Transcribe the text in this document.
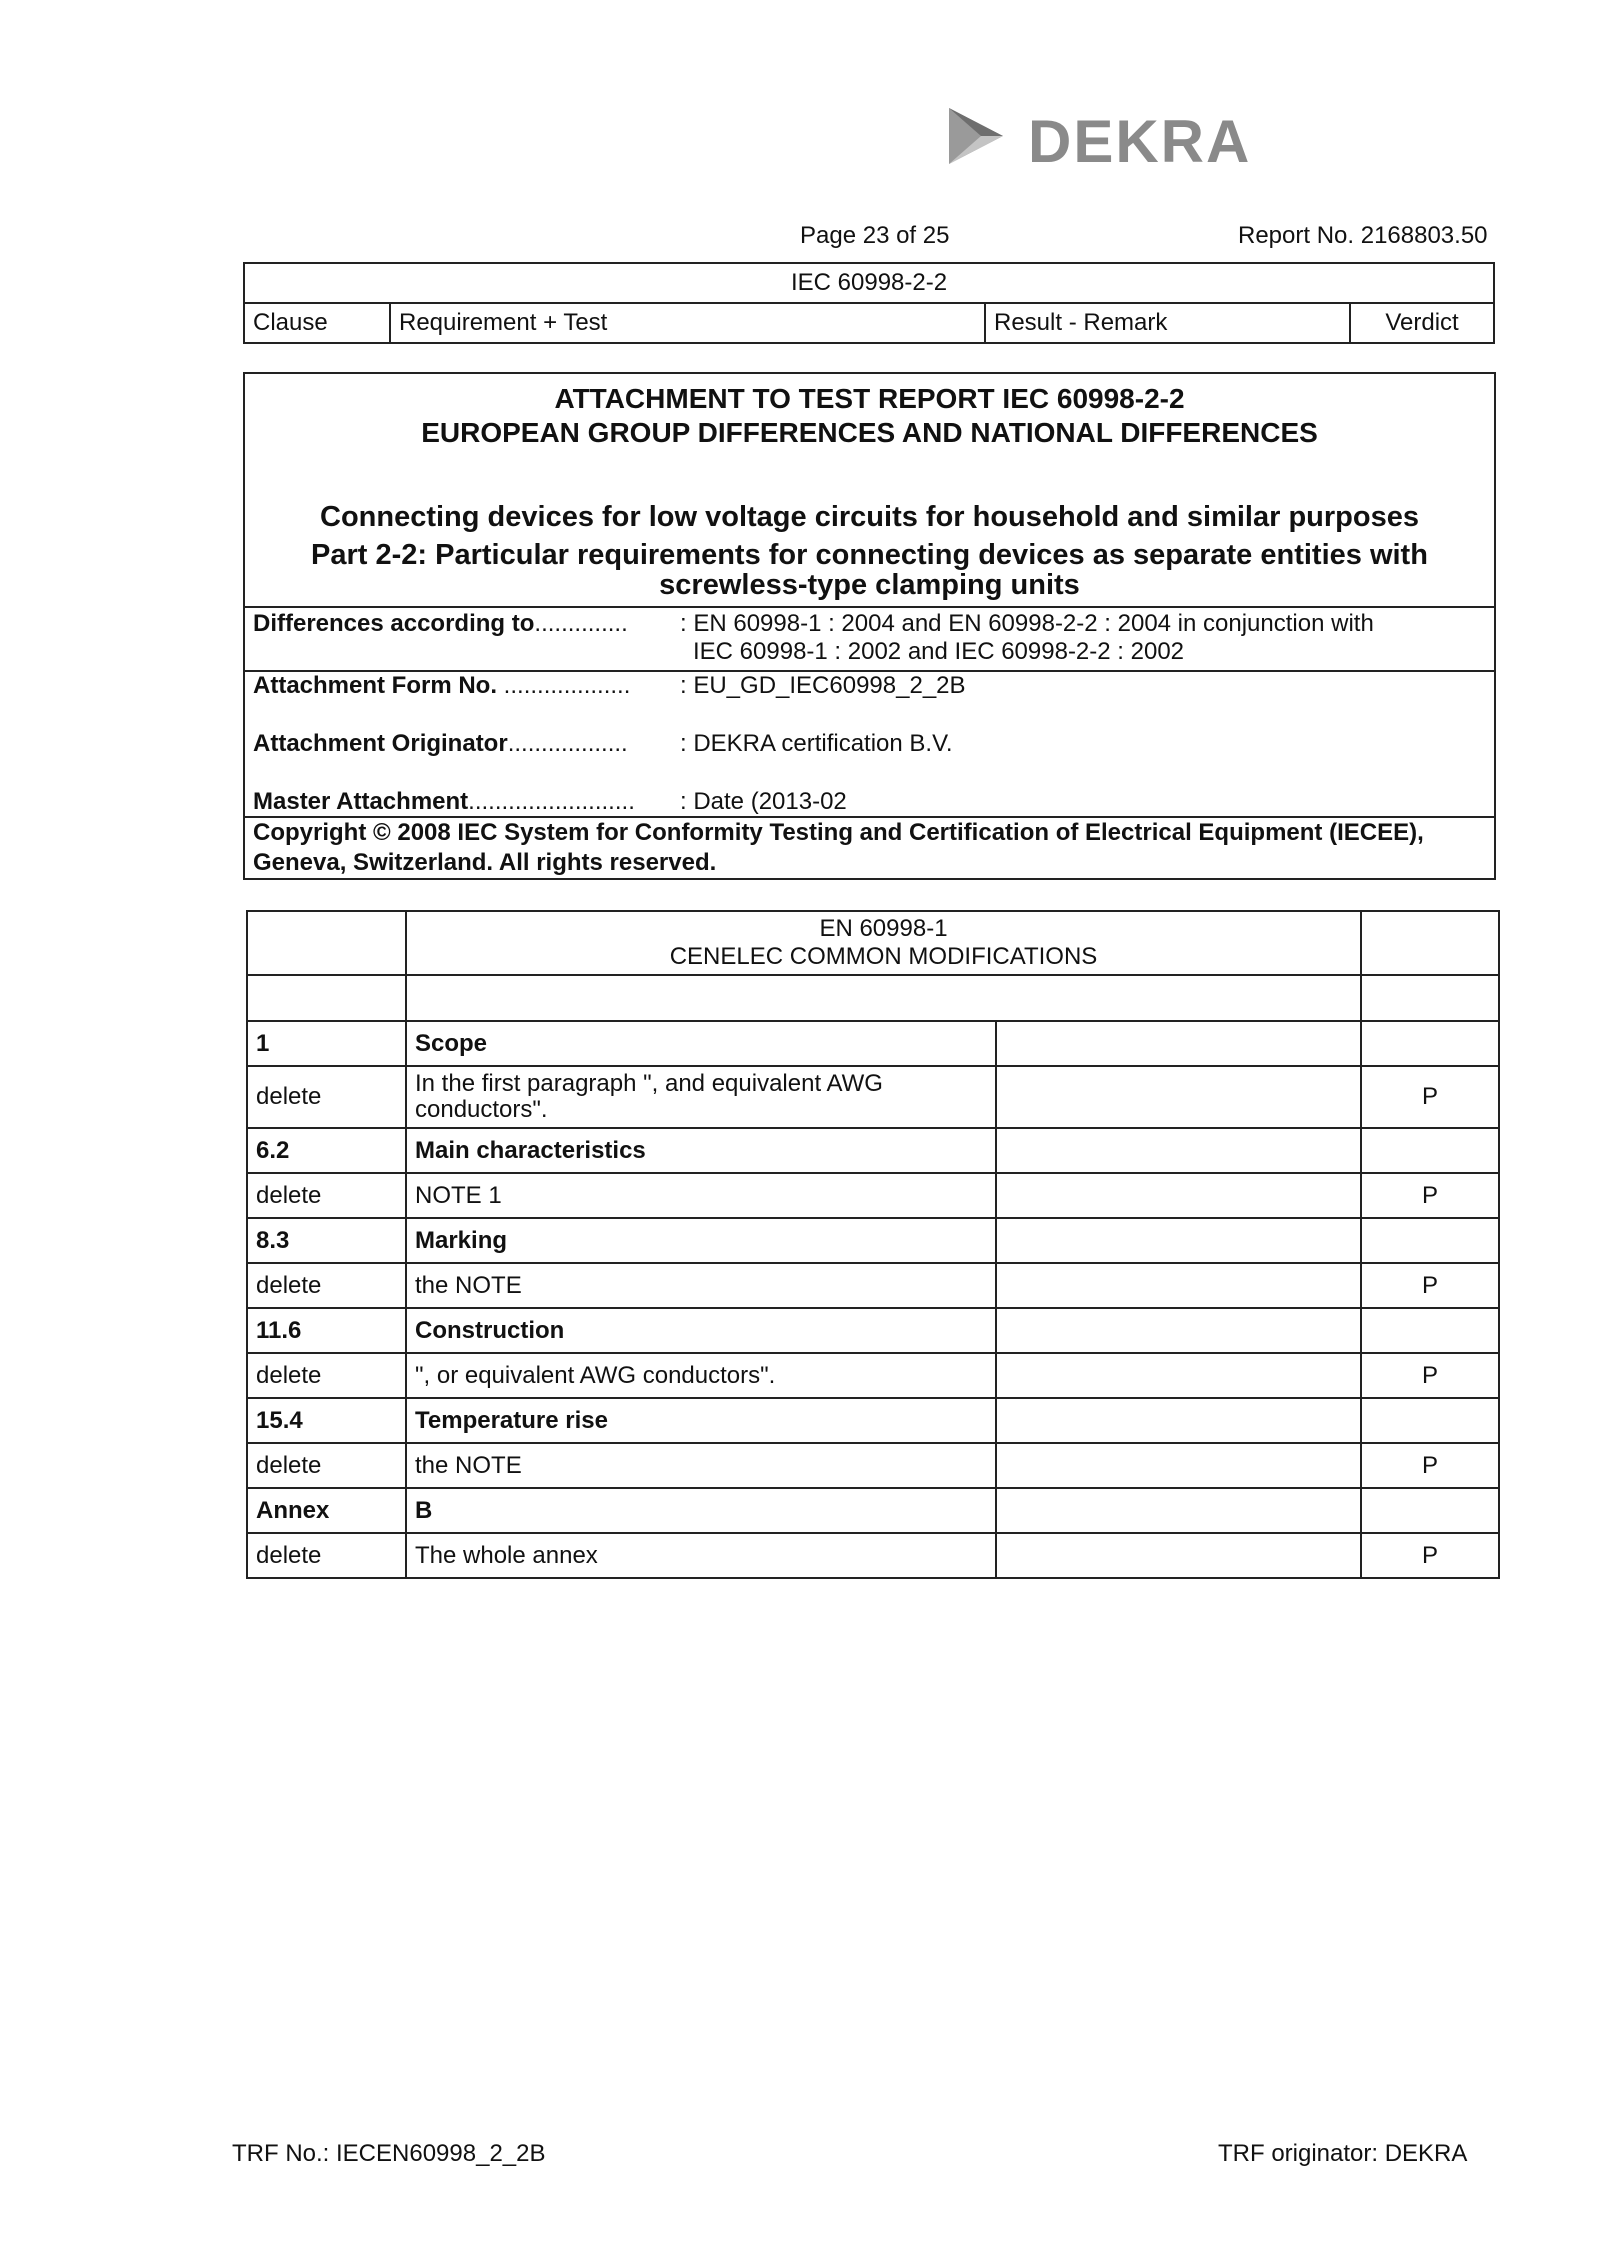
DEKRA
Page 23 of 25	Report No. 2168803.50
IEC 60998-2-2
Clause	Requirement + Test	Result - Remark	Verdict
ATTACHMENT TO TEST REPORT IEC 60998-2-2
EUROPEAN GROUP DIFFERENCES AND NATIONAL DIFFERENCES
Connecting devices for low voltage circuits for household and similar purposes
Part 2-2: Particular requirements for connecting devices as separate entities with
screwless-type clamping units
Differences according to.............. : EN 60998-1 : 2004 and EN 60998-2-2 : 2004 in conjunction with
IEC 60998-1 : 2002 and IEC 60998-2-2 : 2002
Attachment Form No. ................... : EU_GD_IEC60998_2_2B
Attachment Originator.................. : DEKRA certification B.V.
Master Attachment......................... : Date (2013-02
Copyright © 2008 IEC System for Conformity Testing and Certification of Electrical Equipment (IECEE), Geneva, Switzerland. All rights reserved.
	EN 60998-1
CENELEC COMMON MODIFICATIONS		

1	Scope		
delete	In the first paragraph ", and equivalent AWG conductors".		P
6.2	Main characteristics		
delete	NOTE 1		P
8.3	Marking		
delete	the NOTE		P
11.6	Construction		
delete	", or equivalent AWG conductors".		P
15.4	Temperature rise		
delete	the NOTE		P
Annex	B		
delete	The whole annex		P
TRF No.: IECEN60998_2_2B	TRF originator: DEKRA
